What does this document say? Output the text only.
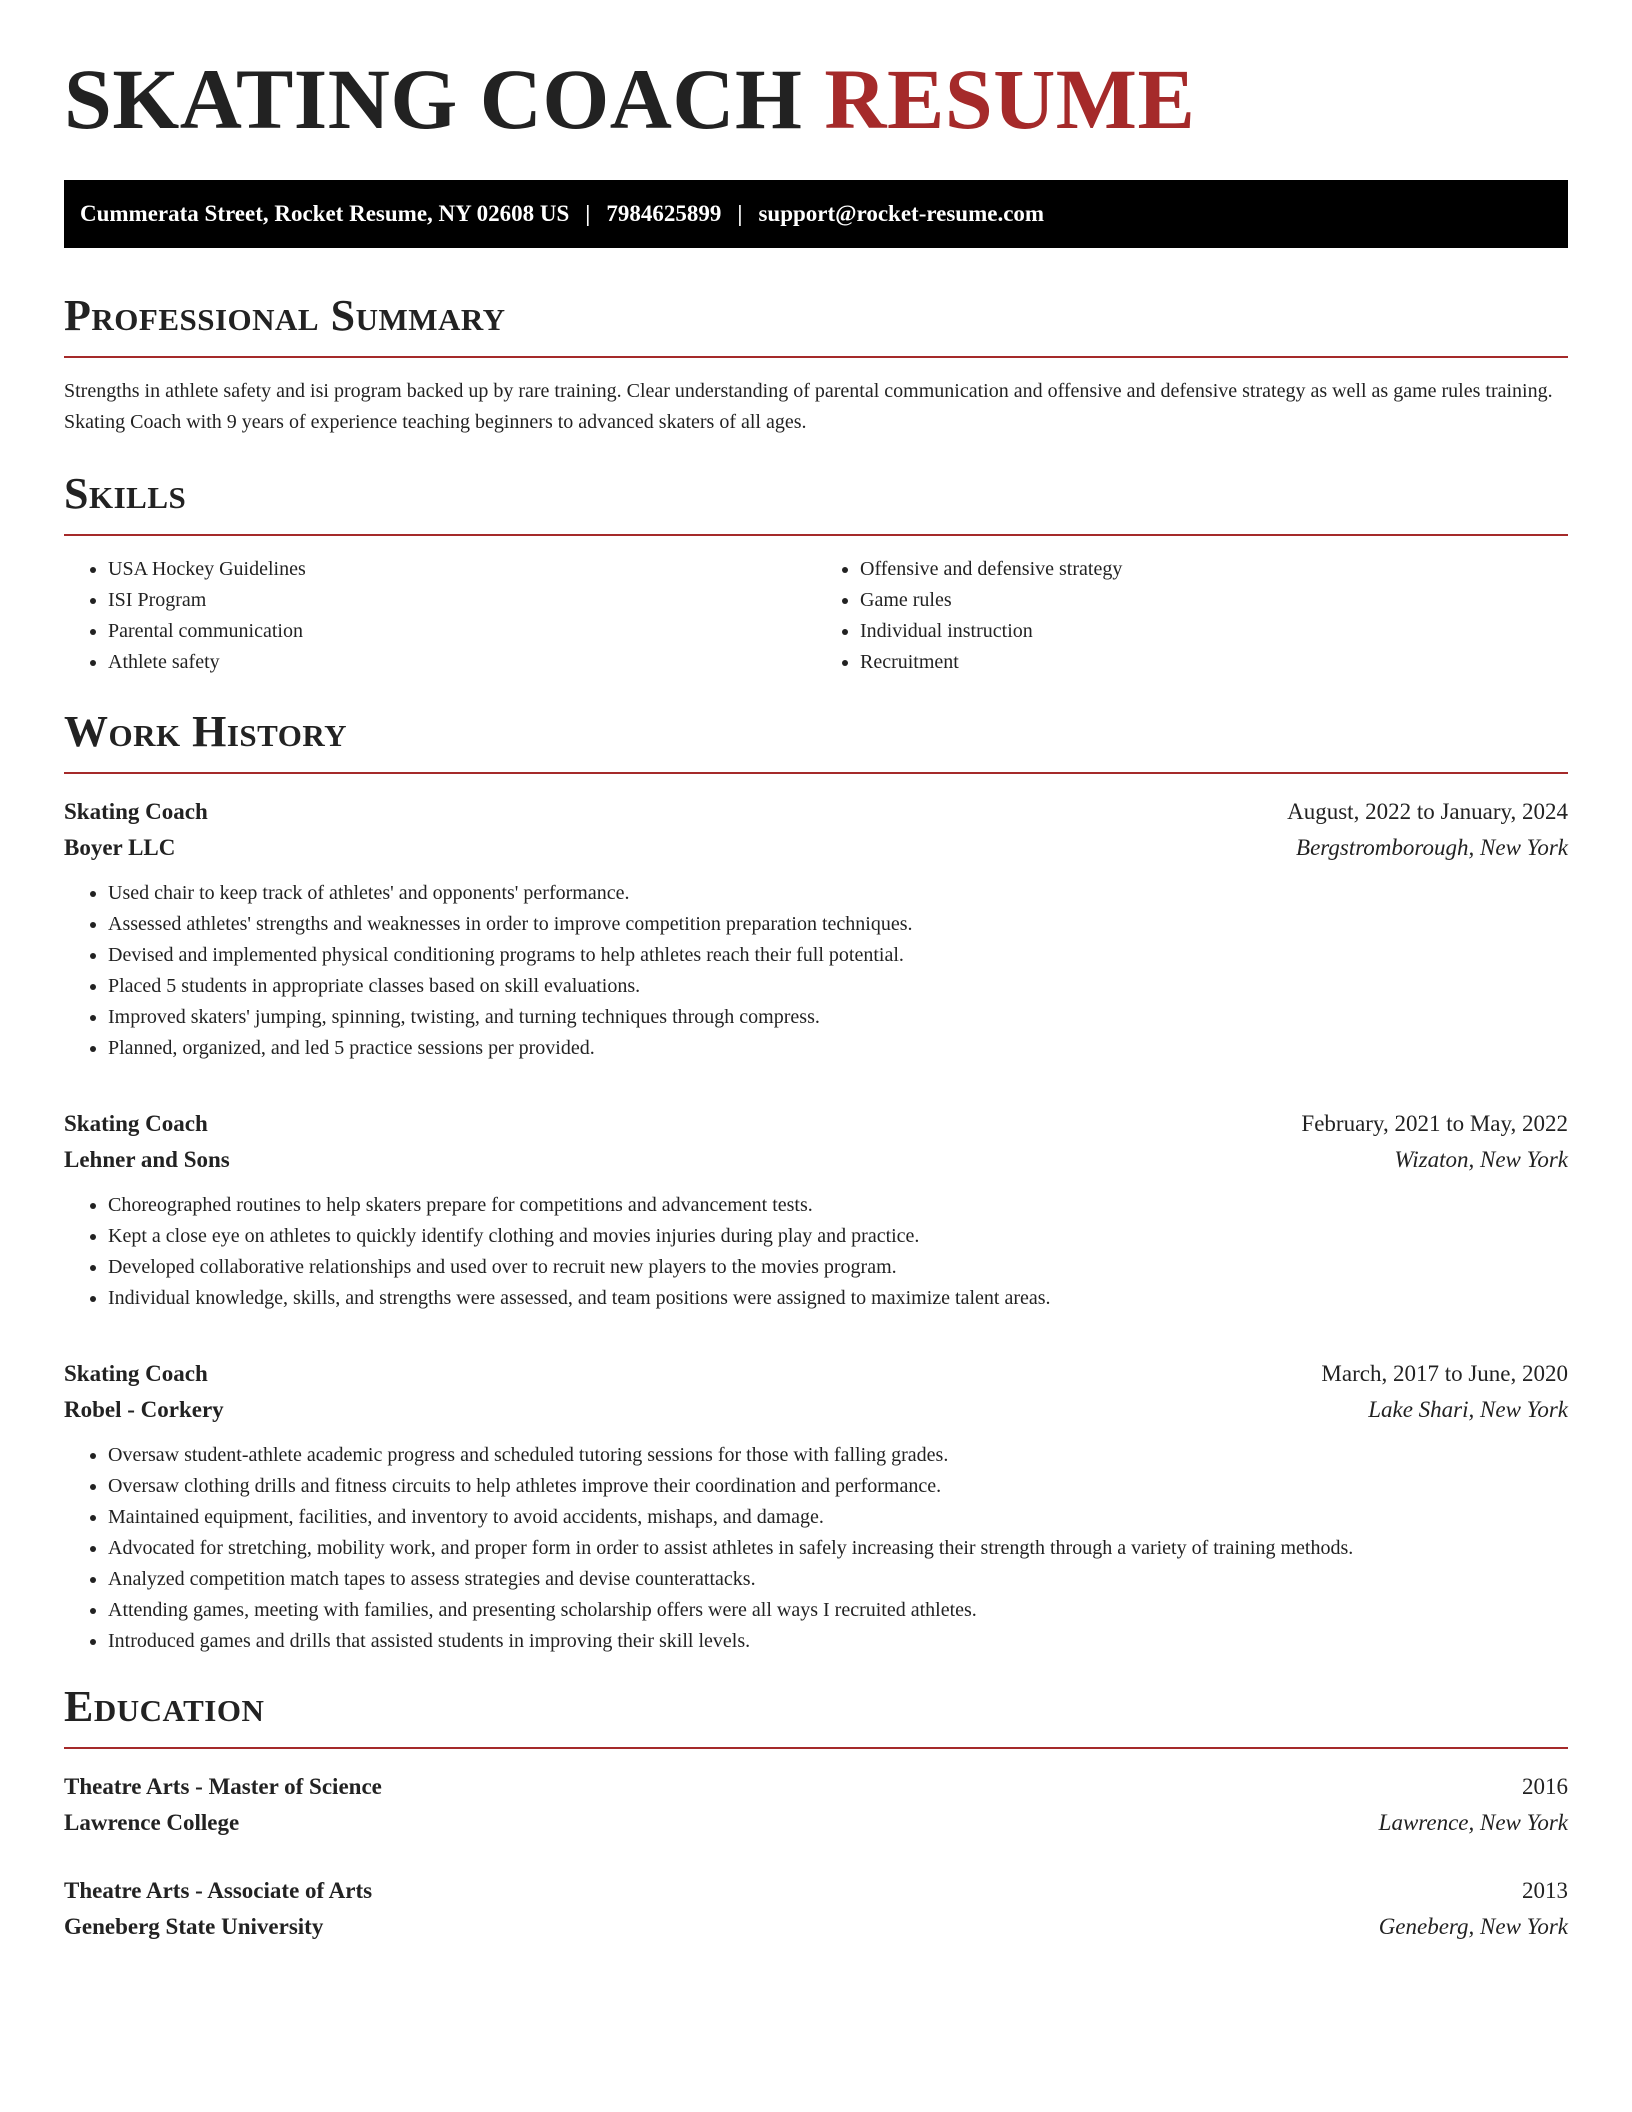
SKATING COACH RESUME
Cummerata Street, Rocket Resume, NY 02608 US | 7984625899 | support@rocket-resume.com
Professional Summary

Strengths in athlete safety and isi program backed up by rare training. Clear understanding of parental communication and offensive and defensive strategy as well as game rules training. Skating Coach with 9 years of experience teaching beginners to advanced skaters of all ages.

Skills
• USA Hockey Guidelines
• ISI Program
• Parental communication
• Athlete safety
• Offensive and defensive strategy
• Game rules
• Individual instruction
• Recruitment
Work History
Skating Coach	August, 2022 to January, 2024
Boyer LLC	Bergstromborough, New York
• Used chair to keep track of athletes' and opponents' performance.
• Assessed athletes' strengths and weaknesses in order to improve competition preparation techniques.
• Devised and implemented physical conditioning programs to help athletes reach their full potential.
• Placed 5 students in appropriate classes based on skill evaluations.
• Improved skaters' jumping, spinning, twisting, and turning techniques through compress.
• Planned, organized, and led 5 practice sessions per provided.
Skating Coach	February, 2021 to May, 2022
Lehner and Sons	Wizaton, New York
• Choreographed routines to help skaters prepare for competitions and advancement tests.
• Kept a close eye on athletes to quickly identify clothing and movies injuries during play and practice.
• Developed collaborative relationships and used over to recruit new players to the movies program.
• Individual knowledge, skills, and strengths were assessed, and team positions were assigned to maximize talent areas.
Skating Coach	March, 2017 to June, 2020
Robel - Corkery	Lake Shari, New York
• Oversaw student-athlete academic progress and scheduled tutoring sessions for those with falling grades.
• Oversaw clothing drills and fitness circuits to help athletes improve their coordination and performance.
• Maintained equipment, facilities, and inventory to avoid accidents, mishaps, and damage.
• Advocated for stretching, mobility work, and proper form in order to assist athletes in safely increasing their strength through a variety of training methods.
• Analyzed competition match tapes to assess strategies and devise counterattacks.
• Attending games, meeting with families, and presenting scholarship offers were all ways I recruited athletes.
• Introduced games and drills that assisted students in improving their skill levels.
Education
Theatre Arts - Master of Science	2016
Lawrence College	Lawrence, New York
Theatre Arts - Associate of Arts	2013
Geneberg State University	Geneberg, New York
